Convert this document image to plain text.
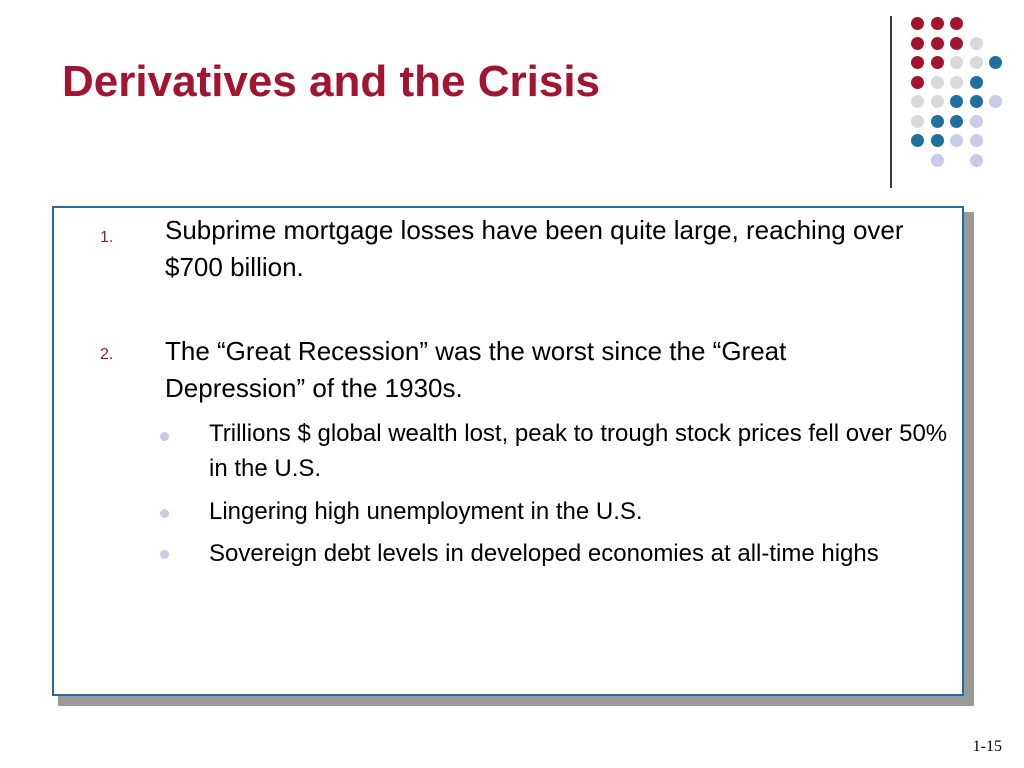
Derivatives and the Crisis
1. Subprime mortgage losses have been quite large, reaching over $700 billion.
2. The “Great Recession” was the worst since the “Great Depression” of the 1930s.
Trillions $ global wealth lost, peak to trough stock prices fell over 50% in the U.S.
Lingering high unemployment in the U.S.
Sovereign debt levels in developed economies at all-time highs
1-15
